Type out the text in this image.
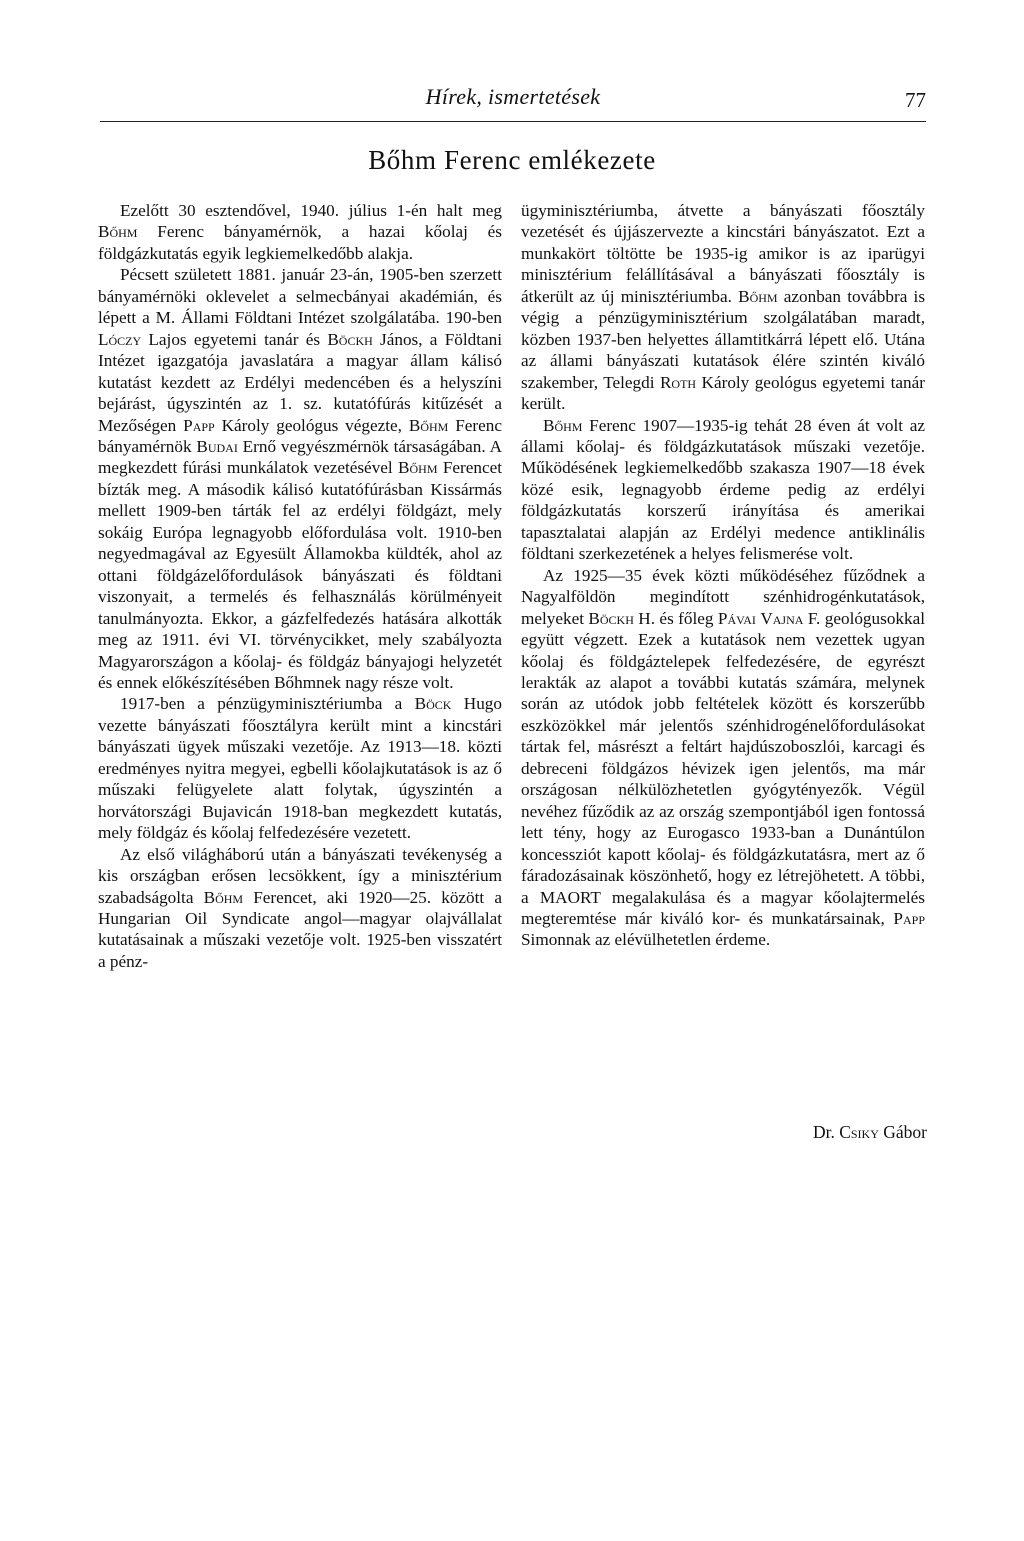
Hírek, ismertetések	77
Bőhm Ferenc emlékezete

Ezelőtt 30 esztendővel, 1940. július 1-én halt meg Bőhm Ferenc bányamérnök, a hazai kőolaj és földgázkutatás egyik legkiemelkedőbb alakja.

Pécsett született 1881. január 23-án, 1905-ben szerzett bányamérnöki oklevelet a selmecbányai akadémián, és lépett a M. Állami Földtani Intézet szolgálatába. 190-ben Lóczy Lajos egyetemi tanár és Böckh János, a Földtani Intézet igazgatója javaslatára a magyar állam kálisó kutatást kezdett az Erdélyi medencében és a helyszíni bejárást, úgyszintén az 1. sz. kutatófúrás kitűzését a Mezőségen Papp Károly geológus végezte, Bőhm Ferenc bányamérnök Budai Ernő vegyészmérnök társaságában. A megkezdett fúrási munkálatok vezetésével Bőhm Ferencet bízták meg. A második kálisó kutatófúrásban Kissármás mellett 1909-ben tárták fel az erdélyi földgázt, mely sokáig Európa legnagyobb előfordulása volt. 1910-ben negyedmagával az Egyesült Államokba küldték, ahol az ottani földgázelőfordulások bányászati és földtani viszonyait, a termelés és felhasználás körülményeit tanulmányozta. Ekkor, a gázfelfedezés hatására alkották meg az 1911. évi VI. törvénycikket, mely szabályozta Magyarországon a kőolaj- és földgáz bányajogi helyzetét és ennek előkészítésében Bőhmnek nagy része volt.

1917-ben a pénzügyminisztériumba a Böck Hugo vezette bányászati főosztályra került mint a kincstári bányászati ügyek műszaki vezetője. Az 1913—18. közti eredményes nyitra megyei, egbelli kőolajkutatások is az ő műszaki felügyelete alatt folytak, úgyszintén a horvátországi Bujavicán 1918-ban megkezdett kutatás, mely földgáz és kőolaj felfedezésére vezetett.

Az első világháború után a bányászati tevékenység a kis országban erősen lecsökkent, így a minisztérium szabadságolta Bőhm Ferencet, aki 1920—25. között a Hungarian Oil Syndicate angol—magyar olajvállalat kutatásainak a műszaki vezetője volt. 1925-ben visszatért a pénz-

ügyminisztériumba, átvette a bányászati főosztály vezetését és újjászervezte a kincstári bányászatot. Ezt a munkakört töltötte be 1935-ig amikor is az iparügyi minisztérium felállításával a bányászati főosztály is átkerült az új minisztériumba. Bőhm azonban továbbra is végig a pénzügyminisztérium szolgálatában maradt, közben 1937-ben helyettes államtitkárrá lépett elő. Utána az állami bányászati kutatások élére szintén kiváló szakember, Telegdi Roth Károly geológus egyetemi tanár került.

Bőhm Ferenc 1907—1935-ig tehát 28 éven át volt az állami kőolaj- és földgázkutatások műszaki vezetője. Működésének legkiemelkedőbb szakasza 1907—18 évek közé esik, legnagyobb érdeme pedig az erdélyi földgázkutatás korszerű irányítása és amerikai tapasztalatai alapján az Erdélyi medence antiklinális földtani szerkezetének a helyes felismerése volt.

Az 1925—35 évek közti működéséhez fűződnek a Nagyalföldön megindított szénhidrogénkutatások, melyeket Böckh H. és főleg Pávai Vajna F. geológusokkal együtt végzett. Ezek a kutatások nem vezettek ugyan kőolaj és földgáztelepek felfedezésére, de egyrészt lerakták az alapot a további kutatás számára, melynek során az utódok jobb feltételek között és korszerűbb eszközökkel már jelentős szénhidrogénelőfordulásokat tártak fel, másrészt a feltárt hajdúszoboszlói, karcagi és debreceni földgázos hévizek igen jelentős, ma már országosan nélkülözhetetlen gyógytényezők. Végül nevéhez fűződik az az ország szempontjából igen fontossá lett tény, hogy az Eurogasco 1933-ban a Dunántúlon koncessziót kapott kőolaj- és földgázkutatásra, mert az ő fáradozásainak köszönhető, hogy ez létrejöhetett. A többi, a MAORT megalakulása és a magyar kőolajtermelés megteremtése már kiváló kor- és munkatársainak, Papp Simonnak az elévülhetetlen érdeme.

Dr. Csiky Gábor
